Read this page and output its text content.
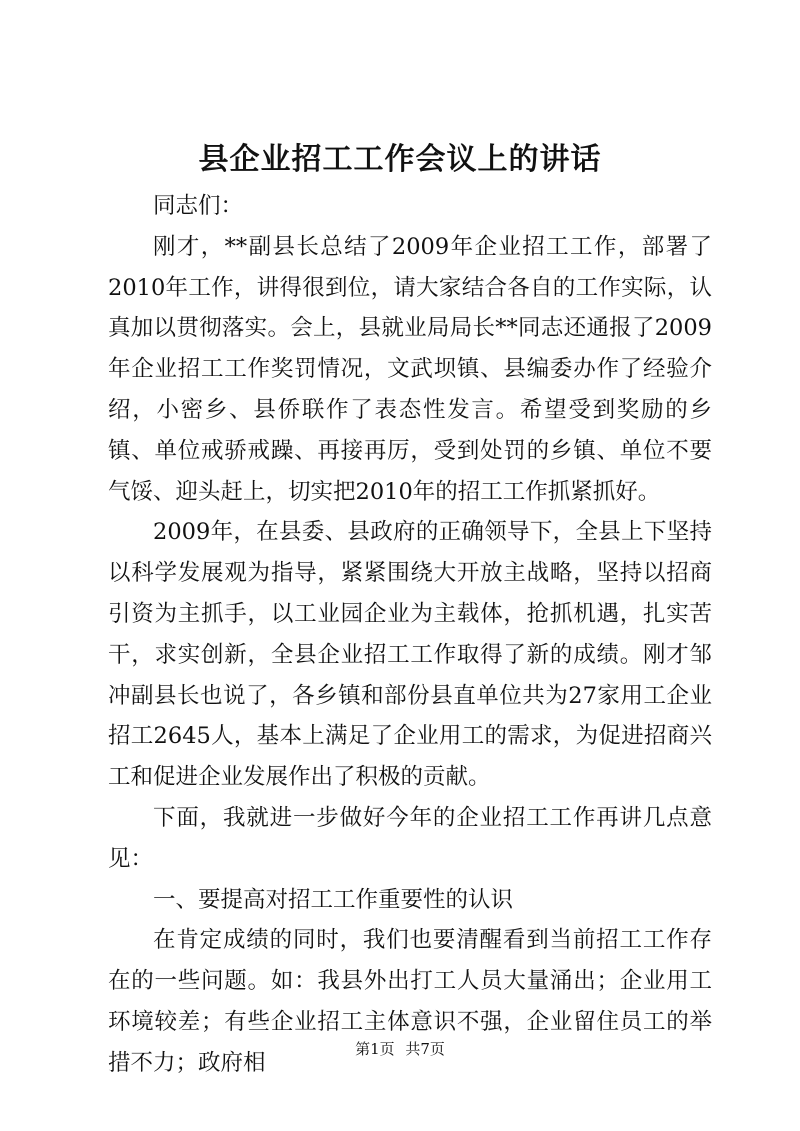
县企业招工工作会议上的讲话

同志们：

刚才，**副县长总结了2009年企业招工工作，部署了2010年工作，讲得很到位，请大家结合各自的工作实际，认真加以贯彻落实。会上，县就业局局长**同志还通报了2009年企业招工工作奖罚情况，文武坝镇、县编委办作了经验介绍，小密乡、县侨联作了表态性发言。希望受到奖励的乡镇、单位戒骄戒躁、再接再厉，受到处罚的乡镇、单位不要气馁、迎头赶上，切实把2010年的招工工作抓紧抓好。

2009年，在县委、县政府的正确领导下，全县上下坚持以科学发展观为指导，紧紧围绕大开放主战略，坚持以招商引资为主抓手，以工业园企业为主载体，抢抓机遇，扎实苦干，求实创新，全县企业招工工作取得了新的成绩。刚才邹冲副县长也说了，各乡镇和部份县直单位共为27家用工企业招工2645人，基本上满足了企业用工的需求，为促进招商兴工和促进企业发展作出了积极的贡献。

下面，我就进一步做好今年的企业招工工作再讲几点意见：

一、要提高对招工工作重要性的认识

在肯定成绩的同时，我们也要清醒看到当前招工工作存在的一些问题。如：我县外出打工人员大量涌出；企业用工环境较差；有些企业招工主体意识不强，企业留住员工的举措不力；政府相

第1页 共7页
